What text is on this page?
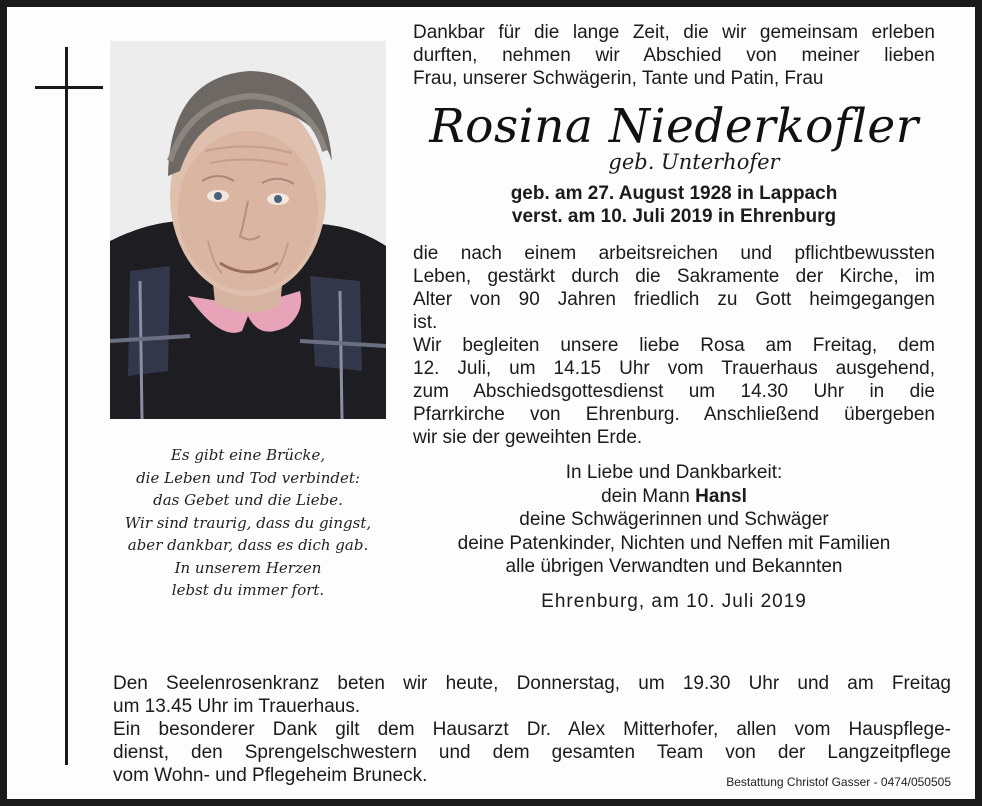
Es gibt eine Brücke,
die Leben und Tod verbindet:
das Gebet und die Liebe.
Wir sind traurig, dass du gingst,
aber dankbar, dass es dich gab.
In unserem Herzen
lebst du immer fort.
Dankbar für die lange Zeit, die wir gemeinsam erleben
durften, nehmen wir Abschied von meiner lieben
Frau, unserer Schwägerin, Tante und Patin, Frau
Rosina Niederkofler
geb. Unterhofer
geb. am 27. August 1928 in Lappach
verst. am 10. Juli 2019 in Ehrenburg
die nach einem arbeitsreichen und pflichtbewussten
Leben, gestärkt durch die Sakramente der Kirche, im
Alter von 90 Jahren friedlich zu Gott heimgegangen
ist.
Wir begleiten unsere liebe Rosa am Freitag, dem
12. Juli, um 14.15 Uhr vom Trauerhaus ausgehend,
zum Abschiedsgottesdienst um 14.30 Uhr in die
Pfarrkirche von Ehrenburg. Anschließend übergeben
wir sie der geweihten Erde.
In Liebe und Dankbarkeit:
dein Mann Hansl
deine Schwägerinnen und Schwäger
deine Patenkinder, Nichten und Neffen mit Familien
alle übrigen Verwandten und Bekannten
Ehrenburg, am 10. Juli 2019
Den Seelenrosenkranz beten wir heute, Donnerstag, um 19.30 Uhr und am Freitag
um 13.45 Uhr im Trauerhaus.
Ein besonderer Dank gilt dem Hausarzt Dr. Alex Mitterhofer, allen vom Hauspflege-
dienst, den Sprengelschwestern und dem gesamten Team von der Langzeitpflege
vom Wohn- und Pflegeheim Bruneck.	Bestattung Christof Gasser - 0474/050505
